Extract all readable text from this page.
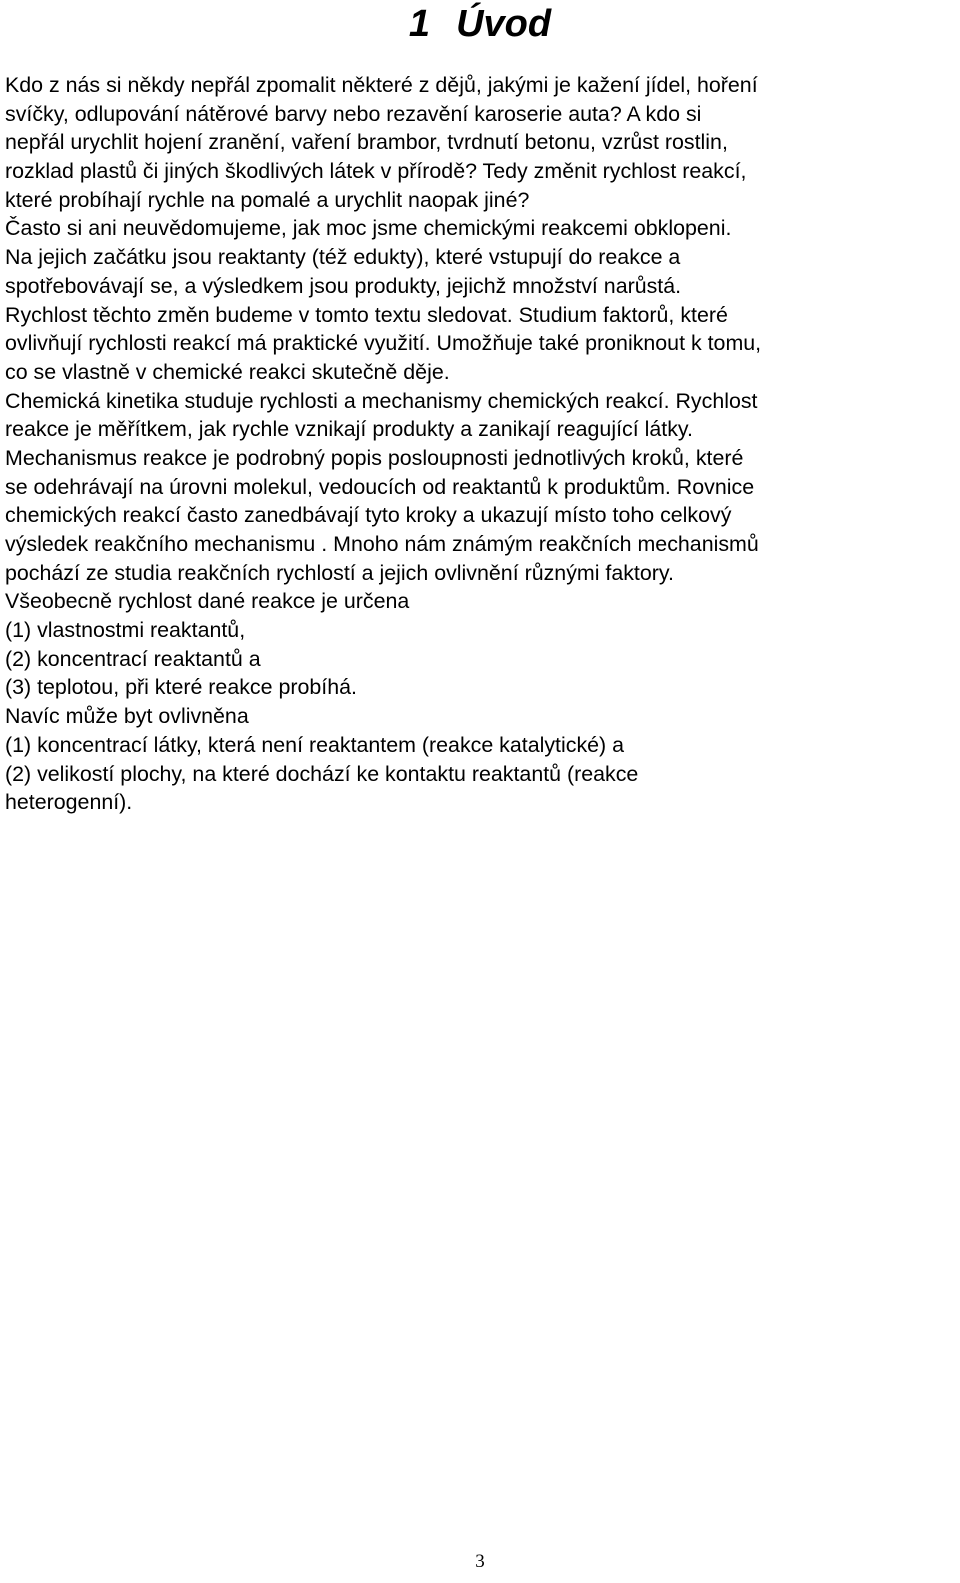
1 Úvod
Kdo z nás si někdy nepřál zpomalit některé z dějů, jakými je kažení jídel, hoření
svíčky, odlupování nátěrové barvy nebo rezavění karoserie auta? A kdo si
nepřál urychlit hojení zranění, vaření brambor, tvrdnutí betonu, vzrůst rostlin,
rozklad plastů či jiných škodlivých látek v přírodě? Tedy změnit rychlost reakcí,
které probíhají rychle na pomalé a urychlit naopak jiné?
Často si ani neuvědomujeme, jak moc jsme chemickými reakcemi obklopeni.
Na jejich začátku jsou reaktanty (též edukty), které vstupují do reakce a
spotřebovávají se, a výsledkem jsou produkty, jejichž množství narůstá.
Rychlost těchto změn budeme v tomto textu sledovat. Studium faktorů, které
ovlivňují rychlosti reakcí má praktické využití. Umožňuje také proniknout k tomu,
co se vlastně v chemické reakci skutečně děje.
Chemická kinetika studuje rychlosti a mechanismy chemických reakcí. Rychlost
reakce je měřítkem, jak rychle vznikají produkty a zanikají reagující látky.
Mechanismus reakce je podrobný popis posloupnosti jednotlivých kroků, které
se odehrávají na úrovni molekul, vedoucích od reaktantů k produktům. Rovnice
chemických reakcí často zanedbávají tyto kroky a ukazují místo toho celkový
výsledek reakčního mechanismu . Mnoho nám známým reakčních mechanismů
pochází ze studia reakčních rychlostí a jejich ovlivnění různými faktory.
Všeobecně rychlost dané reakce je určena
(1) vlastnostmi reaktantů,
(2) koncentrací reaktantů a
(3) teplotou, při které reakce probíhá.
Navíc může byt ovlivněna
(1) koncentrací látky, která není reaktantem (reakce katalytické) a
(2) velikostí plochy, na které dochází ke kontaktu reaktantů (reakce
heterogenní).
3
